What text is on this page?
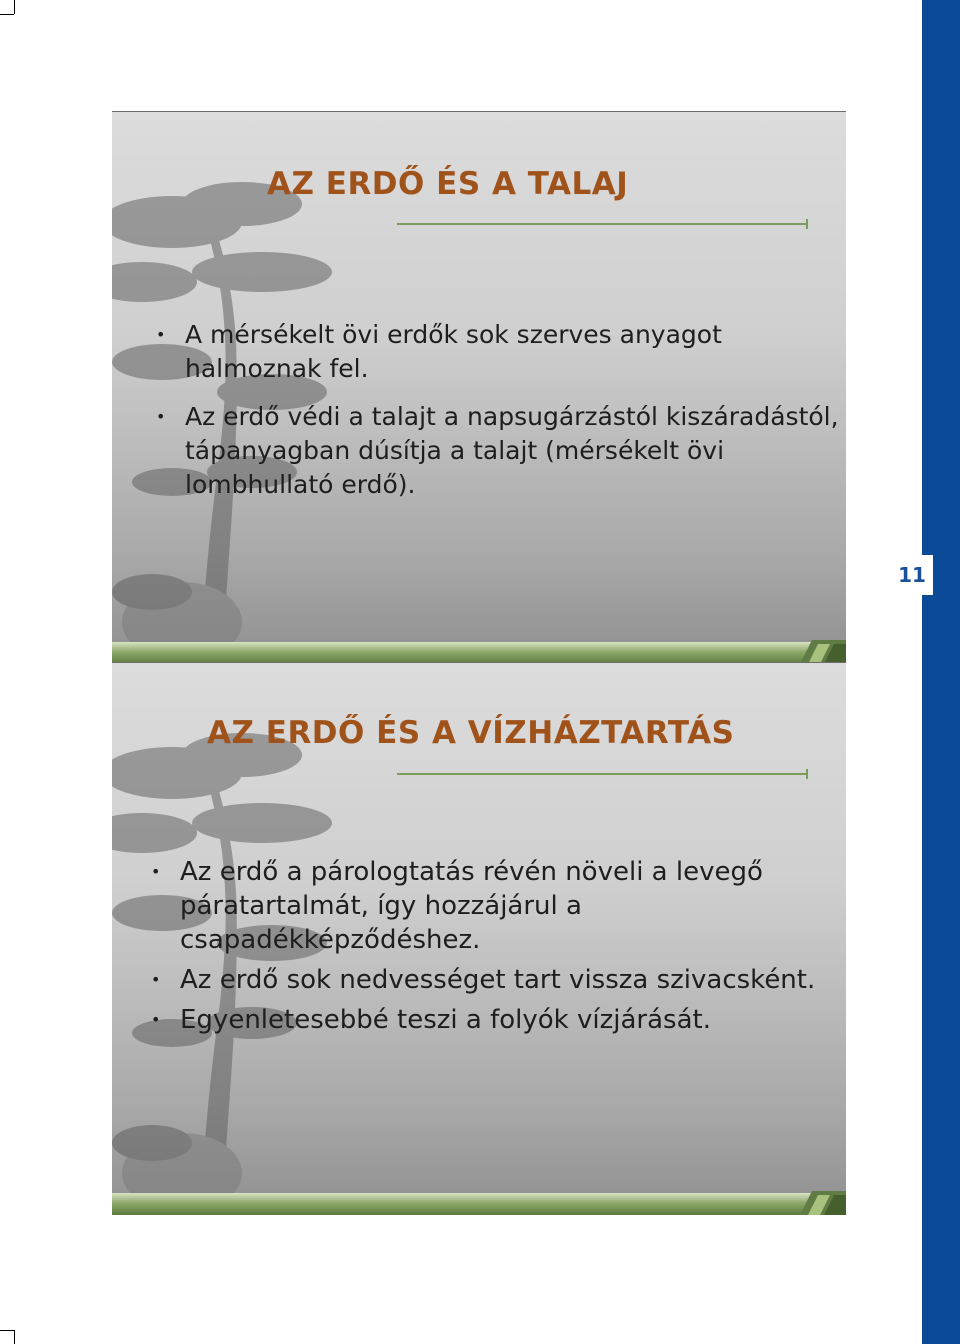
11
AZ ERDŐ ÉS A TALAJ
• A mérsékelt övi erdők sok szerves anyagot halmoznak fel.
• Az erdő védi a talajt a napsugárzástól kiszáradástól, tápanyagban dúsítja a talajt (mérsékelt övi lombhullató erdő).
AZ ERDŐ ÉS A VÍZHÁZTARTÁS
• Az erdő a párologtatás révén növeli a levegő páratartalmát, így hozzájárul a csapadékképződéshez.
• Az erdő sok nedvességet tart vissza szivacsként.
• Egyenletesebbé teszi a folyók vízjárását.
